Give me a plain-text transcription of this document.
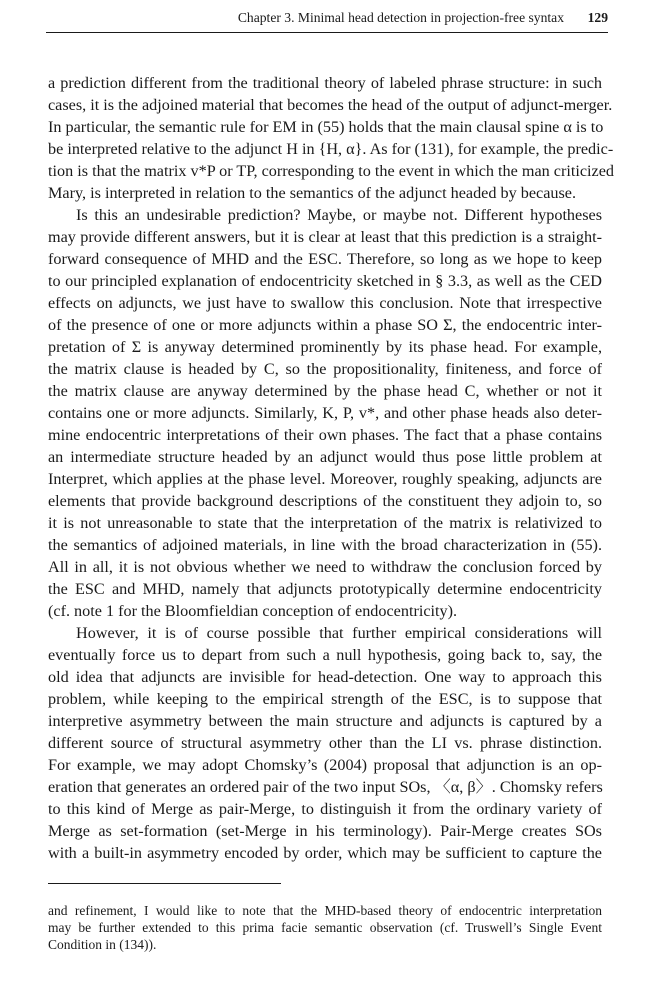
Chapter 3. Minimal head detection in projection-free syntax 129
a prediction different from the traditional theory of labeled phrase structure: in such
cases, it is the adjoined material that becomes the head of the output of adjunct-merger.
In particular, the semantic rule for EM in (55) holds that the main clausal spine α is to
be interpreted relative to the adjunct H in {H, α}. As for (131), for example, the predic-
tion is that the matrix v*P or TP, corresponding to the event in which the man criticized
Mary, is interpreted in relation to the semantics of the adjunct headed by because.
Is this an undesirable prediction? Maybe, or maybe not. Different hypotheses
may provide different answers, but it is clear at least that this prediction is a straight-
forward consequence of MHD and the ESC. Therefore, so long as we hope to keep
to our principled explanation of endocentricity sketched in § 3.3, as well as the CED
effects on adjuncts, we just have to swallow this conclusion. Note that irrespective
of the presence of one or more adjuncts within a phase SO Σ, the endocentric inter-
pretation of Σ is anyway determined prominently by its phase head. For example,
the matrix clause is headed by C, so the propositionality, finiteness, and force of
the matrix clause are anyway determined by the phase head C, whether or not it
contains one or more adjuncts. Similarly, K, P, v*, and other phase heads also deter-
mine endocentric interpretations of their own phases. The fact that a phase contains
an intermediate structure headed by an adjunct would thus pose little problem at
Interpret, which applies at the phase level. Moreover, roughly speaking, adjuncts are
elements that provide background descriptions of the constituent they adjoin to, so
it is not unreasonable to state that the interpretation of the matrix is relativized to
the semantics of adjoined materials, in line with the broad characterization in (55).
All in all, it is not obvious whether we need to withdraw the conclusion forced by
the ESC and MHD, namely that adjuncts prototypically determine endocentricity
(cf. note 1 for the Bloomfieldian conception of endocentricity).
However, it is of course possible that further empirical considerations will
eventually force us to depart from such a null hypothesis, going back to, say, the
old idea that adjuncts are invisible for head-detection. One way to approach this
problem, while keeping to the empirical strength of the ESC, is to suppose that
interpretive asymmetry between the main structure and adjuncts is captured by a
different source of structural asymmetry other than the LI vs. phrase distinction.
For example, we may adopt Chomsky’s (2004) proposal that adjunction is an op-
eration that generates an ordered pair of the two input SOs, 〈α, β〉. Chomsky refers
to this kind of Merge as pair-Merge, to distinguish it from the ordinary variety of
Merge as set-formation (set-Merge in his terminology). Pair-Merge creates SOs
with a built-in asymmetry encoded by order, which may be sufficient to capture the
and refinement, I would like to note that the MHD-based theory of endocentric interpretation
may be further extended to this prima facie semantic observation (cf. Truswell’s Single Event
Condition in (134)).
